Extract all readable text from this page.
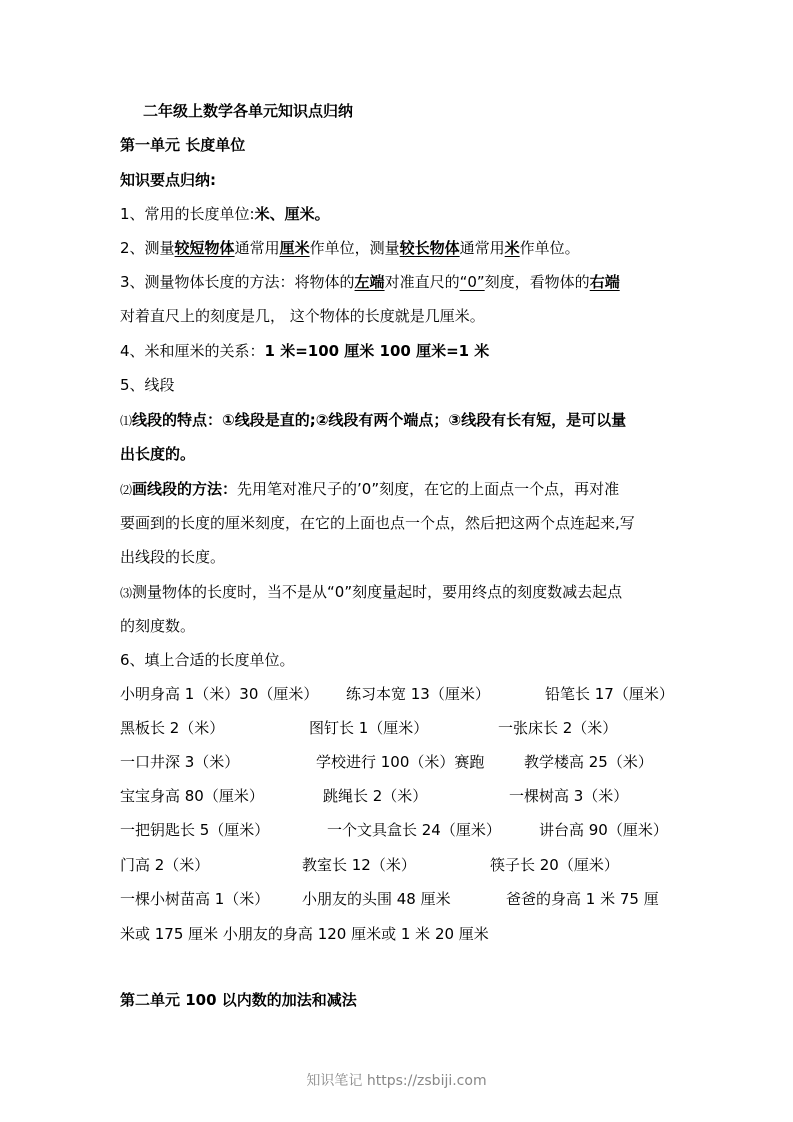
二年级上数学各单元知识点归纳
第一单元 长度单位
知识要点归纳:
1、常用的长度单位:米、厘米。
2、测量较短物体通常用厘米作单位，测量较长物体通常用米作单位。
3、测量物体长度的方法：将物体的左端对准直尺的“0”刻度，看物体的右端
对着直尺上的刻度是几， 这个物体的长度就是几厘米。
4、米和厘米的关系：1 米=100 厘米 100 厘米=1 米
5、线段
⑴线段的特点：①线段是直的;②线段有两个端点；③线段有长有短，是可以量
出长度的。
⑵画线段的方法：先用笔对准尺子的’0”刻度，在它的上面点一个点，再对准
要画到的长度的厘米刻度，在它的上面也点一个点，然后把这两个点连起来,写
出线段的长度。
⑶测量物体的长度时，当不是从“0”刻度量起时，要用终点的刻度数减去起点
的刻度数。
6、填上合适的长度单位。
小明身高 1（米）30（厘米） 练习本宽 13（厘米）	铅笔长 17（厘米）
黑板长 2（米）	图钉长 1（厘米）	一张床长 2（米）
一口井深 3（米）	学校进行 100（米）赛跑	教学楼高 25（米）
宝宝身高 80（厘米）	跳绳长 2（米）	一棵树高 3（米）
一把钥匙长 5（厘米）	一个文具盒长 24（厘米）	讲台高 90（厘米）
门高 2（米）	教室长 12（米）	筷子长 20（厘米）
一棵小树苗高 1（米） 小朋友的头围 48 厘米	爸爸的身高 1 米 75 厘
米或 175 厘米 小朋友的身高 120 厘米或 1 米 20 厘米
第二单元 100 以内数的加法和减法
知识笔记 https://zsbiji.com
